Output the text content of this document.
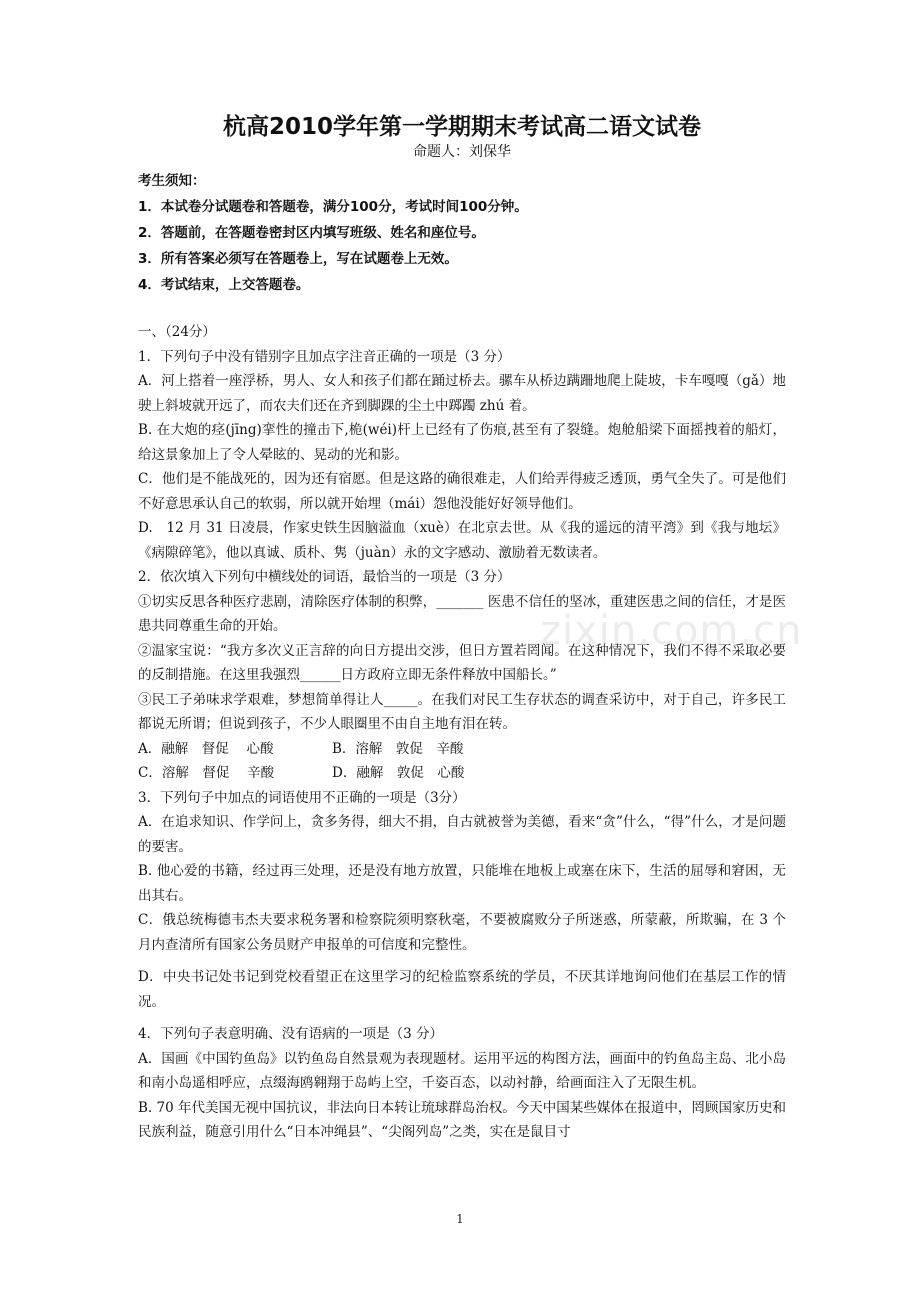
zixin.com.cn
杭高2010学年第一学期期末考试高二语文试卷

命题人：刘保华

考生须知：

1．本试卷分试题卷和答题卷，满分100分，考试时间100分钟。

2．答题前，在答题卷密封区内填写班级、姓名和座位号。

3．所有答案必须写在答题卷上，写在试题卷上无效。

4．考试结束，上交答题卷。

一、（24分）

1．下列句子中没有错别字且加点字注音正确的一项是（3 分）

A．河上搭着一座浮桥，男人、女人和孩子们都在踊过桥去。骡车从桥边蹒跚地爬上陡坡，卡车嘎嘎（gǎ）地驶上斜坡就开远了，而农夫们还在齐到脚踝的尘土中踯躅 zhú 着。

B. 在大炮的痉(jīng)挛性的撞击下,桅(wéi)杆上已经有了伤痕,甚至有了裂缝。炮舱船梁下面摇拽着的船灯，给这景象加上了令人晕眩的、晃动的光和影。

C．他们是不能战死的，因为还有宿愿。但是这路的确很难走，人们给弄得疲乏透顶，勇气全失了。可是他们不好意思承认自己的软弱，所以就开始埋（mái）怨他没能好好领导他们。

D.　12 月 31 日凌晨，作家史铁生因脑溢血（xuè）在北京去世。从《我的遥远的清平湾》到《我与地坛》《病隙碎笔》，他以真诚、质朴、隽（juàn）永的文字感动、激励着无数读者。

2．依次填入下列句中横线处的词语，最恰当的一项是（3 分）

①切实反思各种医疗悲剧，清除医疗体制的积弊，_______ 医患不信任的坚冰，重建医患之间的信任，才是医患共同尊重生命的开始。

②温家宝说：“我方多次义正言辞的向日方提出交涉，但日方置若罔闻。在这种情况下，我们不得不采取必要的反制措施。在这里我强烈______日方政府立即无条件释放中国船长。”

③民工子弟味求学艰难，梦想简单得让人_____。在我们对民工生存状态的调查采访中，对于自己，许多民工都说无所谓；但说到孩子，不少人眼圈里不由自主地有泪在转。

A．融解　督促　 心酸	B．溶解　敦促　辛酸
C．溶解　督促　 辛酸	D．融解　敦促　心酸

3．下列句子中加点的词语使用不正确的一项是（3分）

A．在追求知识、作学问上，贪多务得，细大不捐，自古就被誉为美德，看来“贪”什么，“得”什么，才是问题的要害。

B. 他心爱的书籍，经过再三处理，还是没有地方放置，只能堆在地板上或塞在床下，生活的屈辱和窘困，无出其右。

C．俄总统梅德韦杰夫要求税务署和检察院须明察秋毫，不要被腐败分子所迷惑，所蒙蔽，所欺骗，在 3 个月内查清所有国家公务员财产申报单的可信度和完整性。

D．中央书记处书记到党校看望正在这里学习的纪检监察系统的学员，不厌其详地询问他们在基层工作的情况。

4．下列句子表意明确、没有语病的一项是（3 分）

A．国画《中国钓鱼岛》以钓鱼岛自然景观为表现题材。运用平远的构图方法，画面中的钓鱼岛主岛、北小岛和南小岛遥相呼应，点缀海鸥翱翔于岛屿上空，千姿百态，以动衬静，给画面注入了无限生机。

B. 70 年代美国无视中国抗议，非法向日本转让琉球群岛治权。今天中国某些媒体在报道中，罔顾国家历史和民族利益，随意引用什么“日本冲绳县”、“尖阁列岛”之类，实在是鼠目寸

1
